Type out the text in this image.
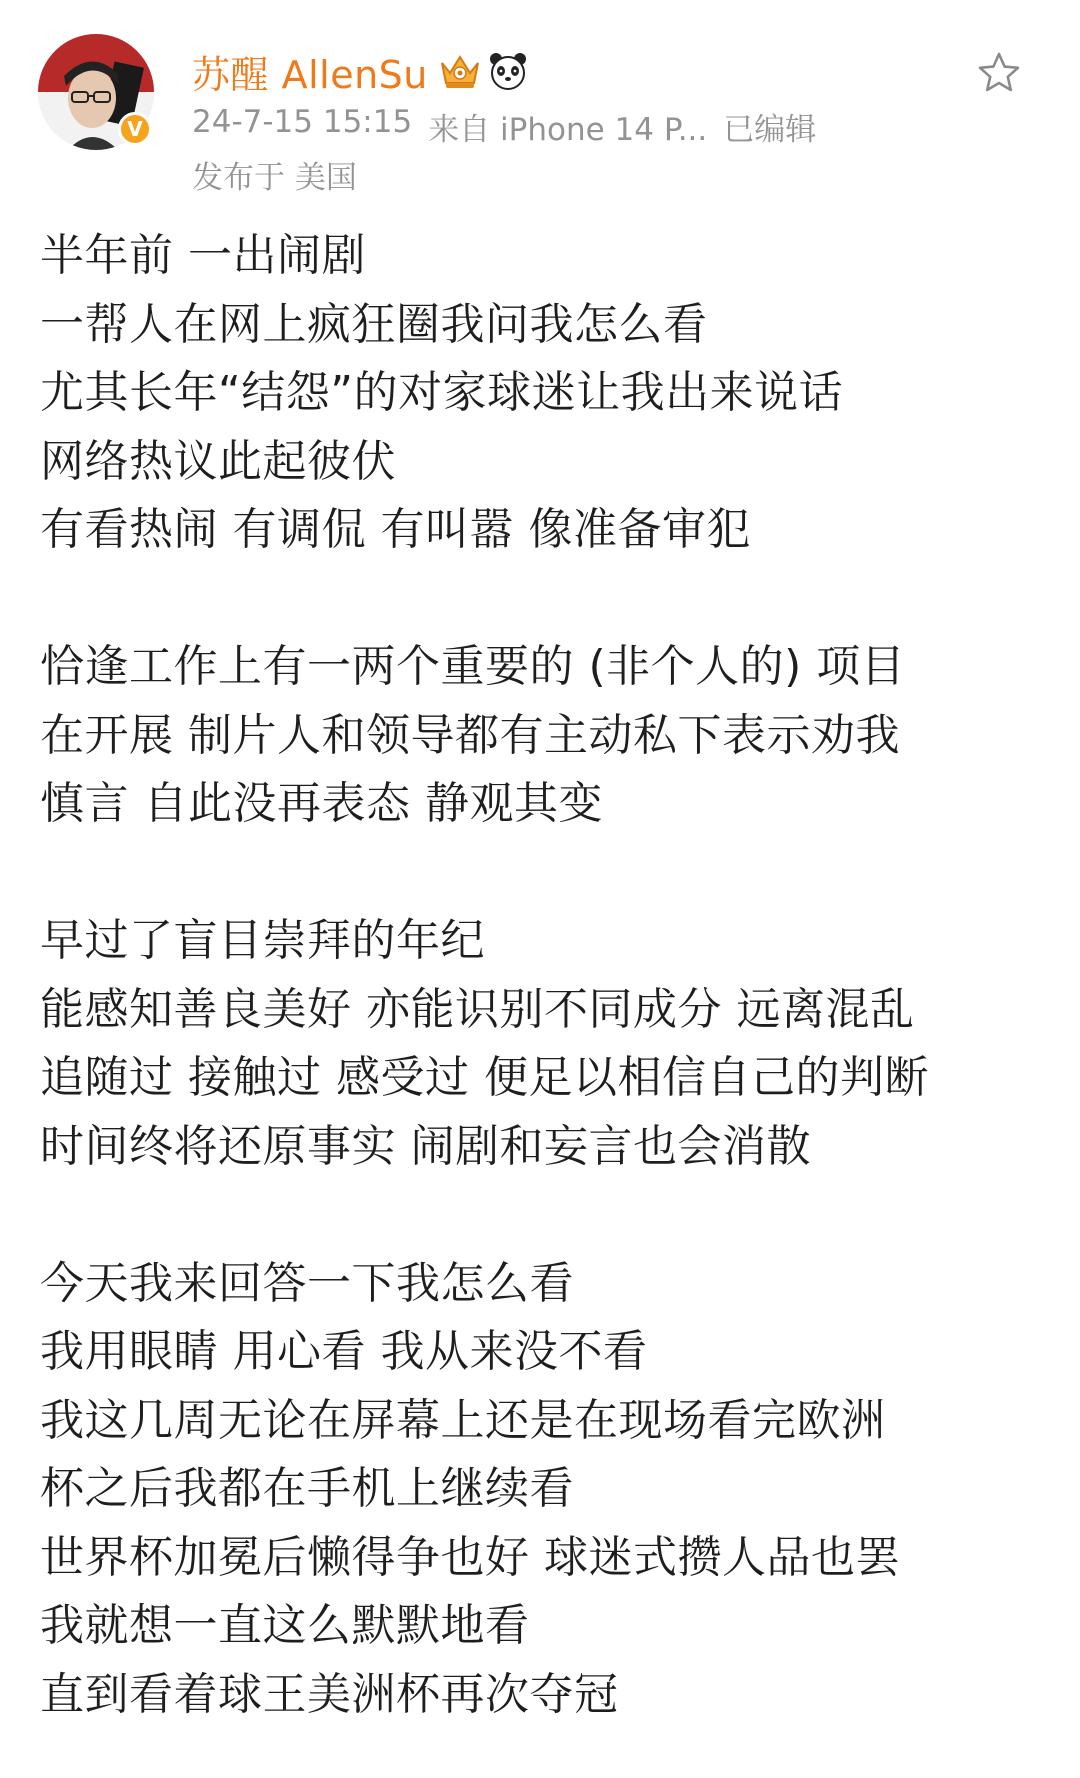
V
苏醒 AllenSu
24-7-15 15:15 来自 iPhone 14 P... 已编辑
发布于 美国
半年前 一出闹剧
一帮人在网上疯狂圈我问我怎么看
尤其长年“结怨”的对家球迷让我出来说话
网络热议此起彼伏
有看热闹 有调侃 有叫嚣 像准备审犯
恰逢工作上有一两个重要的 (非个人的) 项目
在开展 制片人和领导都有主动私下表示劝我
慎言 自此没再表态 静观其变
早过了盲目崇拜的年纪
能感知善良美好 亦能识别不同成分 远离混乱
追随过 接触过 感受过 便足以相信自己的判断
时间终将还原事实 闹剧和妄言也会消散
今天我来回答一下我怎么看
我用眼睛 用心看 我从来没不看
我这几周无论在屏幕上还是在现场看完欧洲
杯之后我都在手机上继续看
世界杯加冕后懒得争也好 球迷式攒人品也罢
我就想一直这么默默地看
直到看着球王美洲杯再次夺冠
